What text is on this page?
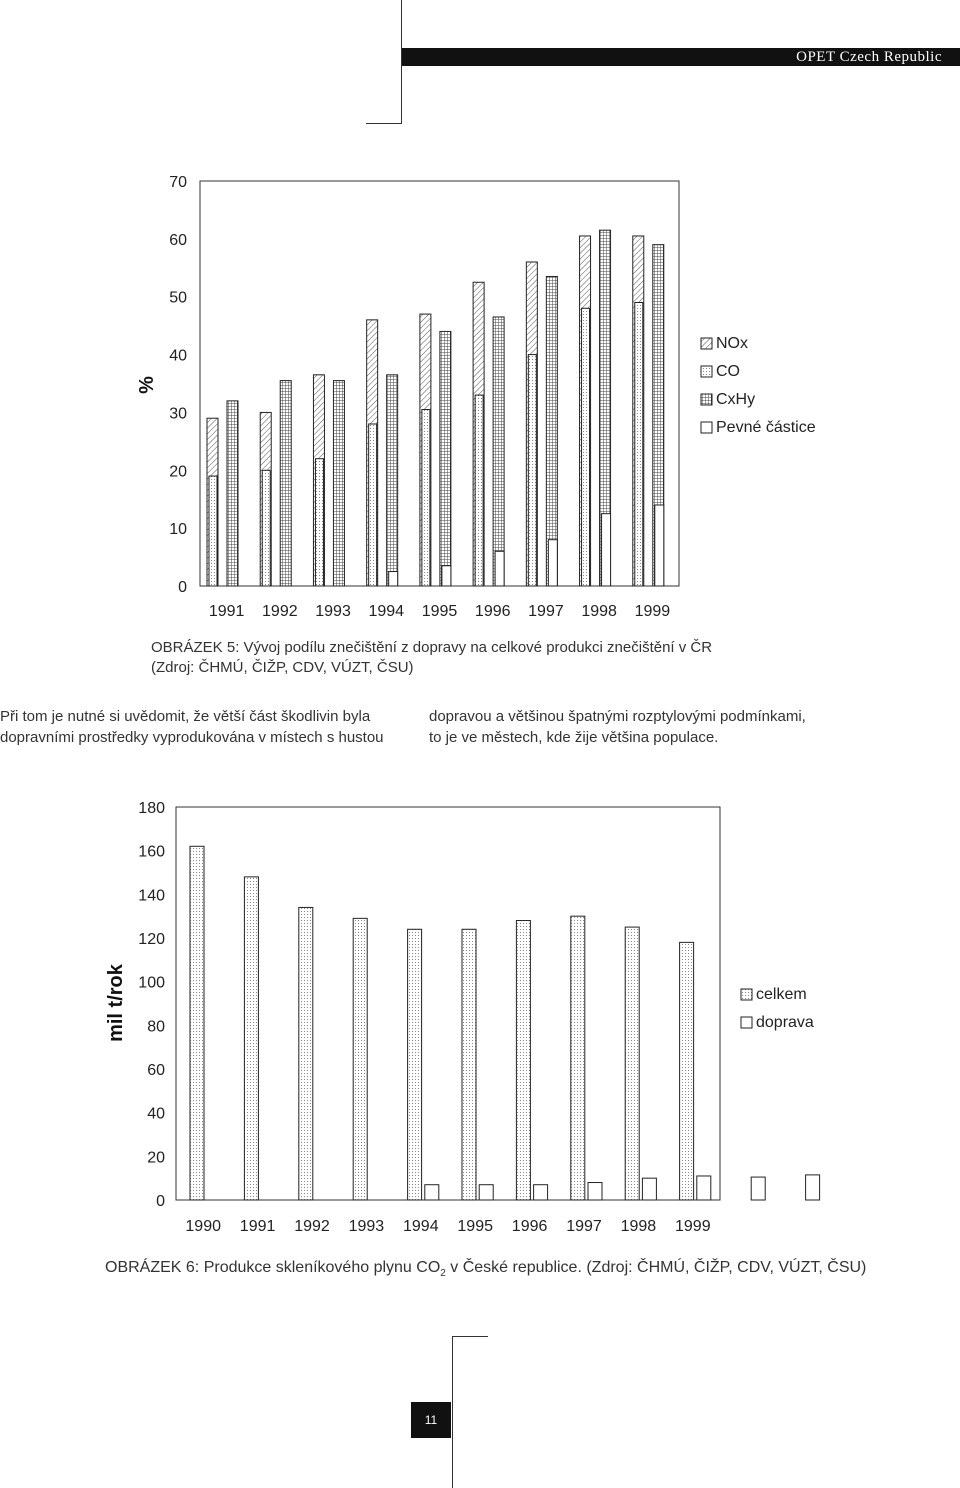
OPET Czech Republic
0
10
20
30
40
50
60
70
%
1991 1992 1993 1994 1995 1996 1997 1998 1999
NOx
CO
CxHy
Pevné částice
OBRÁZEK 5: Vývoj podílu znečištění z dopravy na celkové produkci znečištění v ČR
(Zdroj: ČHMÚ, ČIŽP, CDV, VÚZT, ČSU)
Při tom je nutné si uvědomit, že větší část škodlivin byla
dopravními prostředky vyprodukována v místech s hustou
dopravou a většinou špatnými rozptylovými podmínkami,
to je ve městech, kde žije většina populace.
0
20
40
60
80
100
120
140
160
180
mil t/rok
1990 1991 1992 1993 1994 1995 1996 1997 1998 1999
celkem
doprava
OBRÁZEK 6: Produkce skleníkového plynu $CO_2$ v České republice. (Zdroj: ČHMÚ, ČIŽP, CDV, VÚZT, ČSU)
11
